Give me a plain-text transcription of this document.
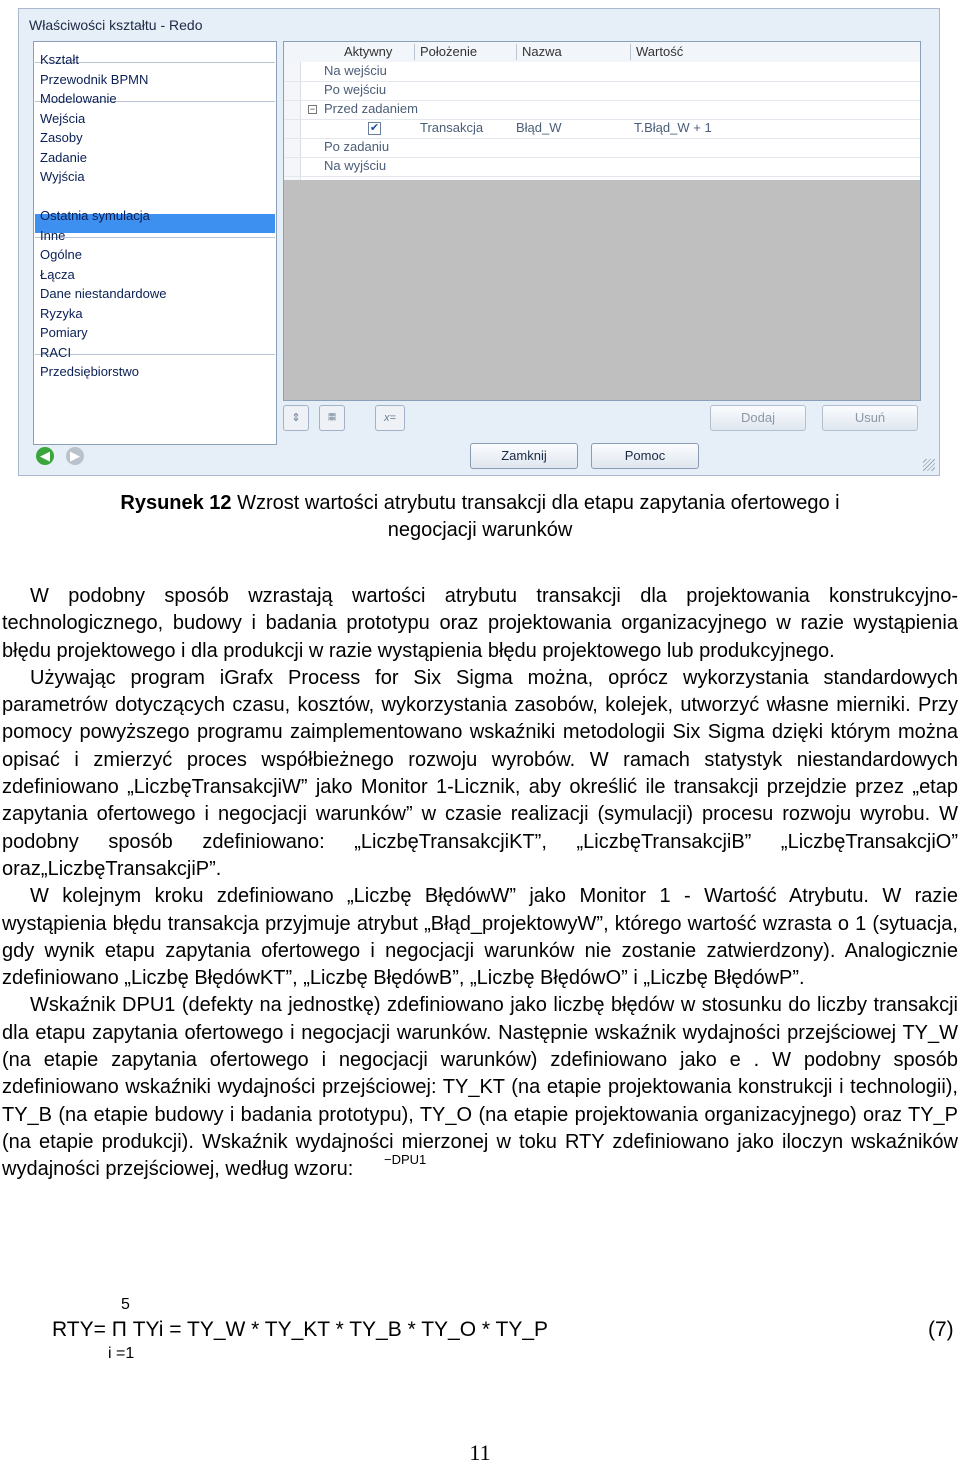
Właściwości kształtu - Redo
Kształt
Przewodnik BPMN
Modelowanie
Wejścia
Zasoby
Zadanie
Wyjścia
Atrybuty
Ostatnia symulacja
Inne
Ogólne
Łącza
Dane niestandardowe
Ryzyka
Pomiary
RACI
Przedsiębiorstwo
Aktywny Położenie	Nazwa	Wartość
Na wejściu
Po wejściu
− Przed zadaniem
✔	Transakcja	Błąd_W	T.Błąd_W + 1
Po zadaniu
Na wyjściu
⇕	𝄜	x=	Dodaj	Usuń
◀	▶	Zamknij	Pomoc
Rysunek 12 Wzrost wartości atrybutu transakcji dla etapu zapytania ofertowego i
negocjacji warunków

W podobny sposób wzrastają wartości atrybutu transakcji dla projektowania konstrukcyjno-technologicznego, budowy i badania prototypu oraz projektowania organizacyjnego w razie wystąpienia błędu projektowego i dla produkcji w razie wystąpienia błędu projektowego lub produkcyjnego.

Używając program iGrafx Process for Six Sigma można, oprócz wykorzystania standardowych parametrów dotyczących czasu, kosztów, wykorzystania zasobów, kolejek, utworzyć własne mierniki. Przy pomocy powyższego programu zaimplementowano wskaźniki metodologii Six Sigma dzięki którym można opisać i zmierzyć proces współbieżnego rozwoju wyrobów. W ramach statystyk niestandardowych zdefiniowano „LiczbęTransakcjiW” jako Monitor 1-Licznik, aby określić ile transakcji przejdzie przez „etap zapytania ofertowego i negocjacji warunków” w czasie realizacji (symulacji) procesu rozwoju wyrobu. W podobny sposób zdefiniowano: „LiczbęTransakcjiKT”, „LiczbęTransakcjiB” „LiczbęTransakcjiO” oraz„LiczbęTransakcjiP”.

W kolejnym kroku zdefiniowano „Liczbę BłędówW” jako Monitor 1 - Wartość Atrybutu. W razie wystąpienia błędu transakcja przyjmuje atrybut „Błąd_projektowyW”, którego wartość wzrasta o 1 (sytuacja, gdy wynik etapu zapytania ofertowego i negocjacji warunków nie zostanie zatwierdzony). Analogicznie zdefiniowano „Liczbę BłędówKT”, „Liczbę BłędówB”, „Liczbę BłędówO” i „Liczbę BłędówP”.

Wskaźnik DPU1 (defekty na jednostkę) zdefiniowano jako liczbę błędów w stosunku do liczby transakcji dla etapu zapytania ofertowego i negocjacji warunków. Następnie wskaźnik wydajności przejściowej TY_W (na etapie zapytania ofertowego i negocjacji warunków) zdefiniowano jako e . W podobny sposób zdefiniowano wskaźniki wydajności przejściowej: TY_KT (na etapie projektowania konstrukcji i technologii), TY_B (na etapie budowy i badania prototypu), TY_O (na etapie projektowania organizacyjnego) oraz TY_P (na etapie produkcji). Wskaźnik wydajności mierzonej w toku RTY zdefiniowano jako iloczyn wskaźników wydajności przejściowej, według wzoru:	−DPU1
5
RTY= Π TYi = TY_W * TY_KT * TY_B * TY_O * TY_P	(7)
i =1
11
